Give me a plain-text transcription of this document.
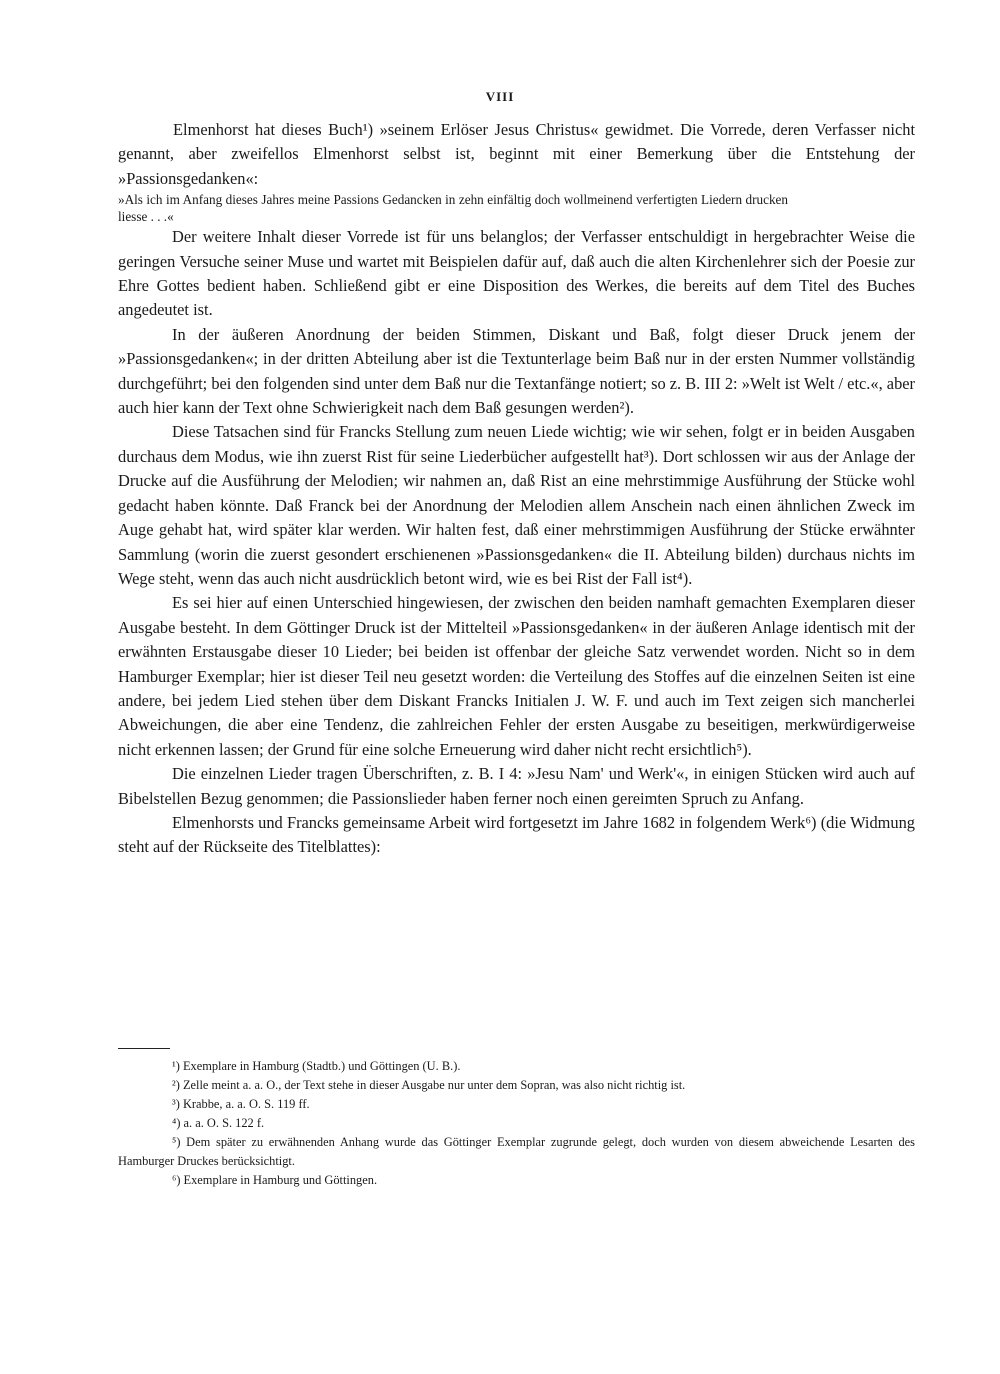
VIII

Elmenhorst hat dieses Buch¹) »seinem Erlöser Jesus Christus« gewidmet. Die Vorrede, deren Verfasser nicht genannt, aber zweifellos Elmenhorst selbst ist, beginnt mit einer Bemerkung über die Entstehung der »Passionsgedanken«:

»Als ich im Anfang dieses Jahres meine Passions Gedancken in zehn einfältig doch wollmeinend verfertigten Liedern drucken liesse . . .«

Der weitere Inhalt dieser Vorrede ist für uns belanglos; der Verfasser entschuldigt in hergebrachter Weise die geringen Versuche seiner Muse und wartet mit Beispielen dafür auf, daß auch die alten Kirchenlehrer sich der Poesie zur Ehre Gottes bedient haben. Schließend gibt er eine Disposition des Werkes, die bereits auf dem Titel des Buches angedeutet ist.

In der äußeren Anordnung der beiden Stimmen, Diskant und Baß, folgt dieser Druck jenem der »Passionsgedanken«; in der dritten Abteilung aber ist die Textunterlage beim Baß nur in der ersten Nummer vollständig durchgeführt; bei den folgenden sind unter dem Baß nur die Textanfänge notiert; so z. B. III 2: »Welt ist Welt / etc.«, aber auch hier kann der Text ohne Schwierigkeit nach dem Baß gesungen werden²).

Diese Tatsachen sind für Francks Stellung zum neuen Liede wichtig; wie wir sehen, folgt er in beiden Ausgaben durchaus dem Modus, wie ihn zuerst Rist für seine Liederbücher aufgestellt hat³). Dort schlossen wir aus der Anlage der Drucke auf die Ausführung der Melodien; wir nahmen an, daß Rist an eine mehrstimmige Ausführung der Stücke wohl gedacht haben könnte. Daß Franck bei der Anordnung der Melodien allem Anschein nach einen ähnlichen Zweck im Auge gehabt hat, wird später klar werden. Wir halten fest, daß einer mehrstimmigen Ausführung der Stücke erwähnter Sammlung (worin die zuerst gesondert erschienenen »Passionsgedanken« die II. Abteilung bilden) durchaus nichts im Wege steht, wenn das auch nicht ausdrücklich betont wird, wie es bei Rist der Fall ist⁴).

Es sei hier auf einen Unterschied hingewiesen, der zwischen den beiden namhaft gemachten Exemplaren dieser Ausgabe besteht. In dem Göttinger Druck ist der Mittelteil »Passionsgedanken« in der äußeren Anlage identisch mit der erwähnten Erstausgabe dieser 10 Lieder; bei beiden ist offenbar der gleiche Satz verwendet worden. Nicht so in dem Hamburger Exemplar; hier ist dieser Teil neu gesetzt worden: die Verteilung des Stoffes auf die einzelnen Seiten ist eine andere, bei jedem Lied stehen über dem Diskant Francks Initialen J. W. F. und auch im Text zeigen sich mancherlei Abweichungen, die aber eine Tendenz, die zahlreichen Fehler der ersten Ausgabe zu beseitigen, merkwürdigerweise nicht erkennen lassen; der Grund für eine solche Erneuerung wird daher nicht recht ersichtlich⁵).

Die einzelnen Lieder tragen Überschriften, z. B. I 4: »Jesu Nam' und Werk'«, in einigen Stücken wird auch auf Bibelstellen Bezug genommen; die Passionslieder haben ferner noch einen gereimten Spruch zu Anfang.

Elmenhorsts und Francks gemeinsame Arbeit wird fortgesetzt im Jahre 1682 in folgendem Werk⁶) (die Widmung steht auf der Rückseite des Titelblattes):

¹) Exemplare in Hamburg (Stadtb.) und Göttingen (U. B.).

²) Zelle meint a. a. O., der Text stehe in dieser Ausgabe nur unter dem Sopran, was also nicht richtig ist.

³) Krabbe, a. a. O. S. 119 ff.

⁴) a. a. O. S. 122 f.

⁵) Dem später zu erwähnenden Anhang wurde das Göttinger Exemplar zugrunde gelegt, doch wurden von diesem abweichende Lesarten des Hamburger Druckes berücksichtigt.

⁶) Exemplare in Hamburg und Göttingen.
